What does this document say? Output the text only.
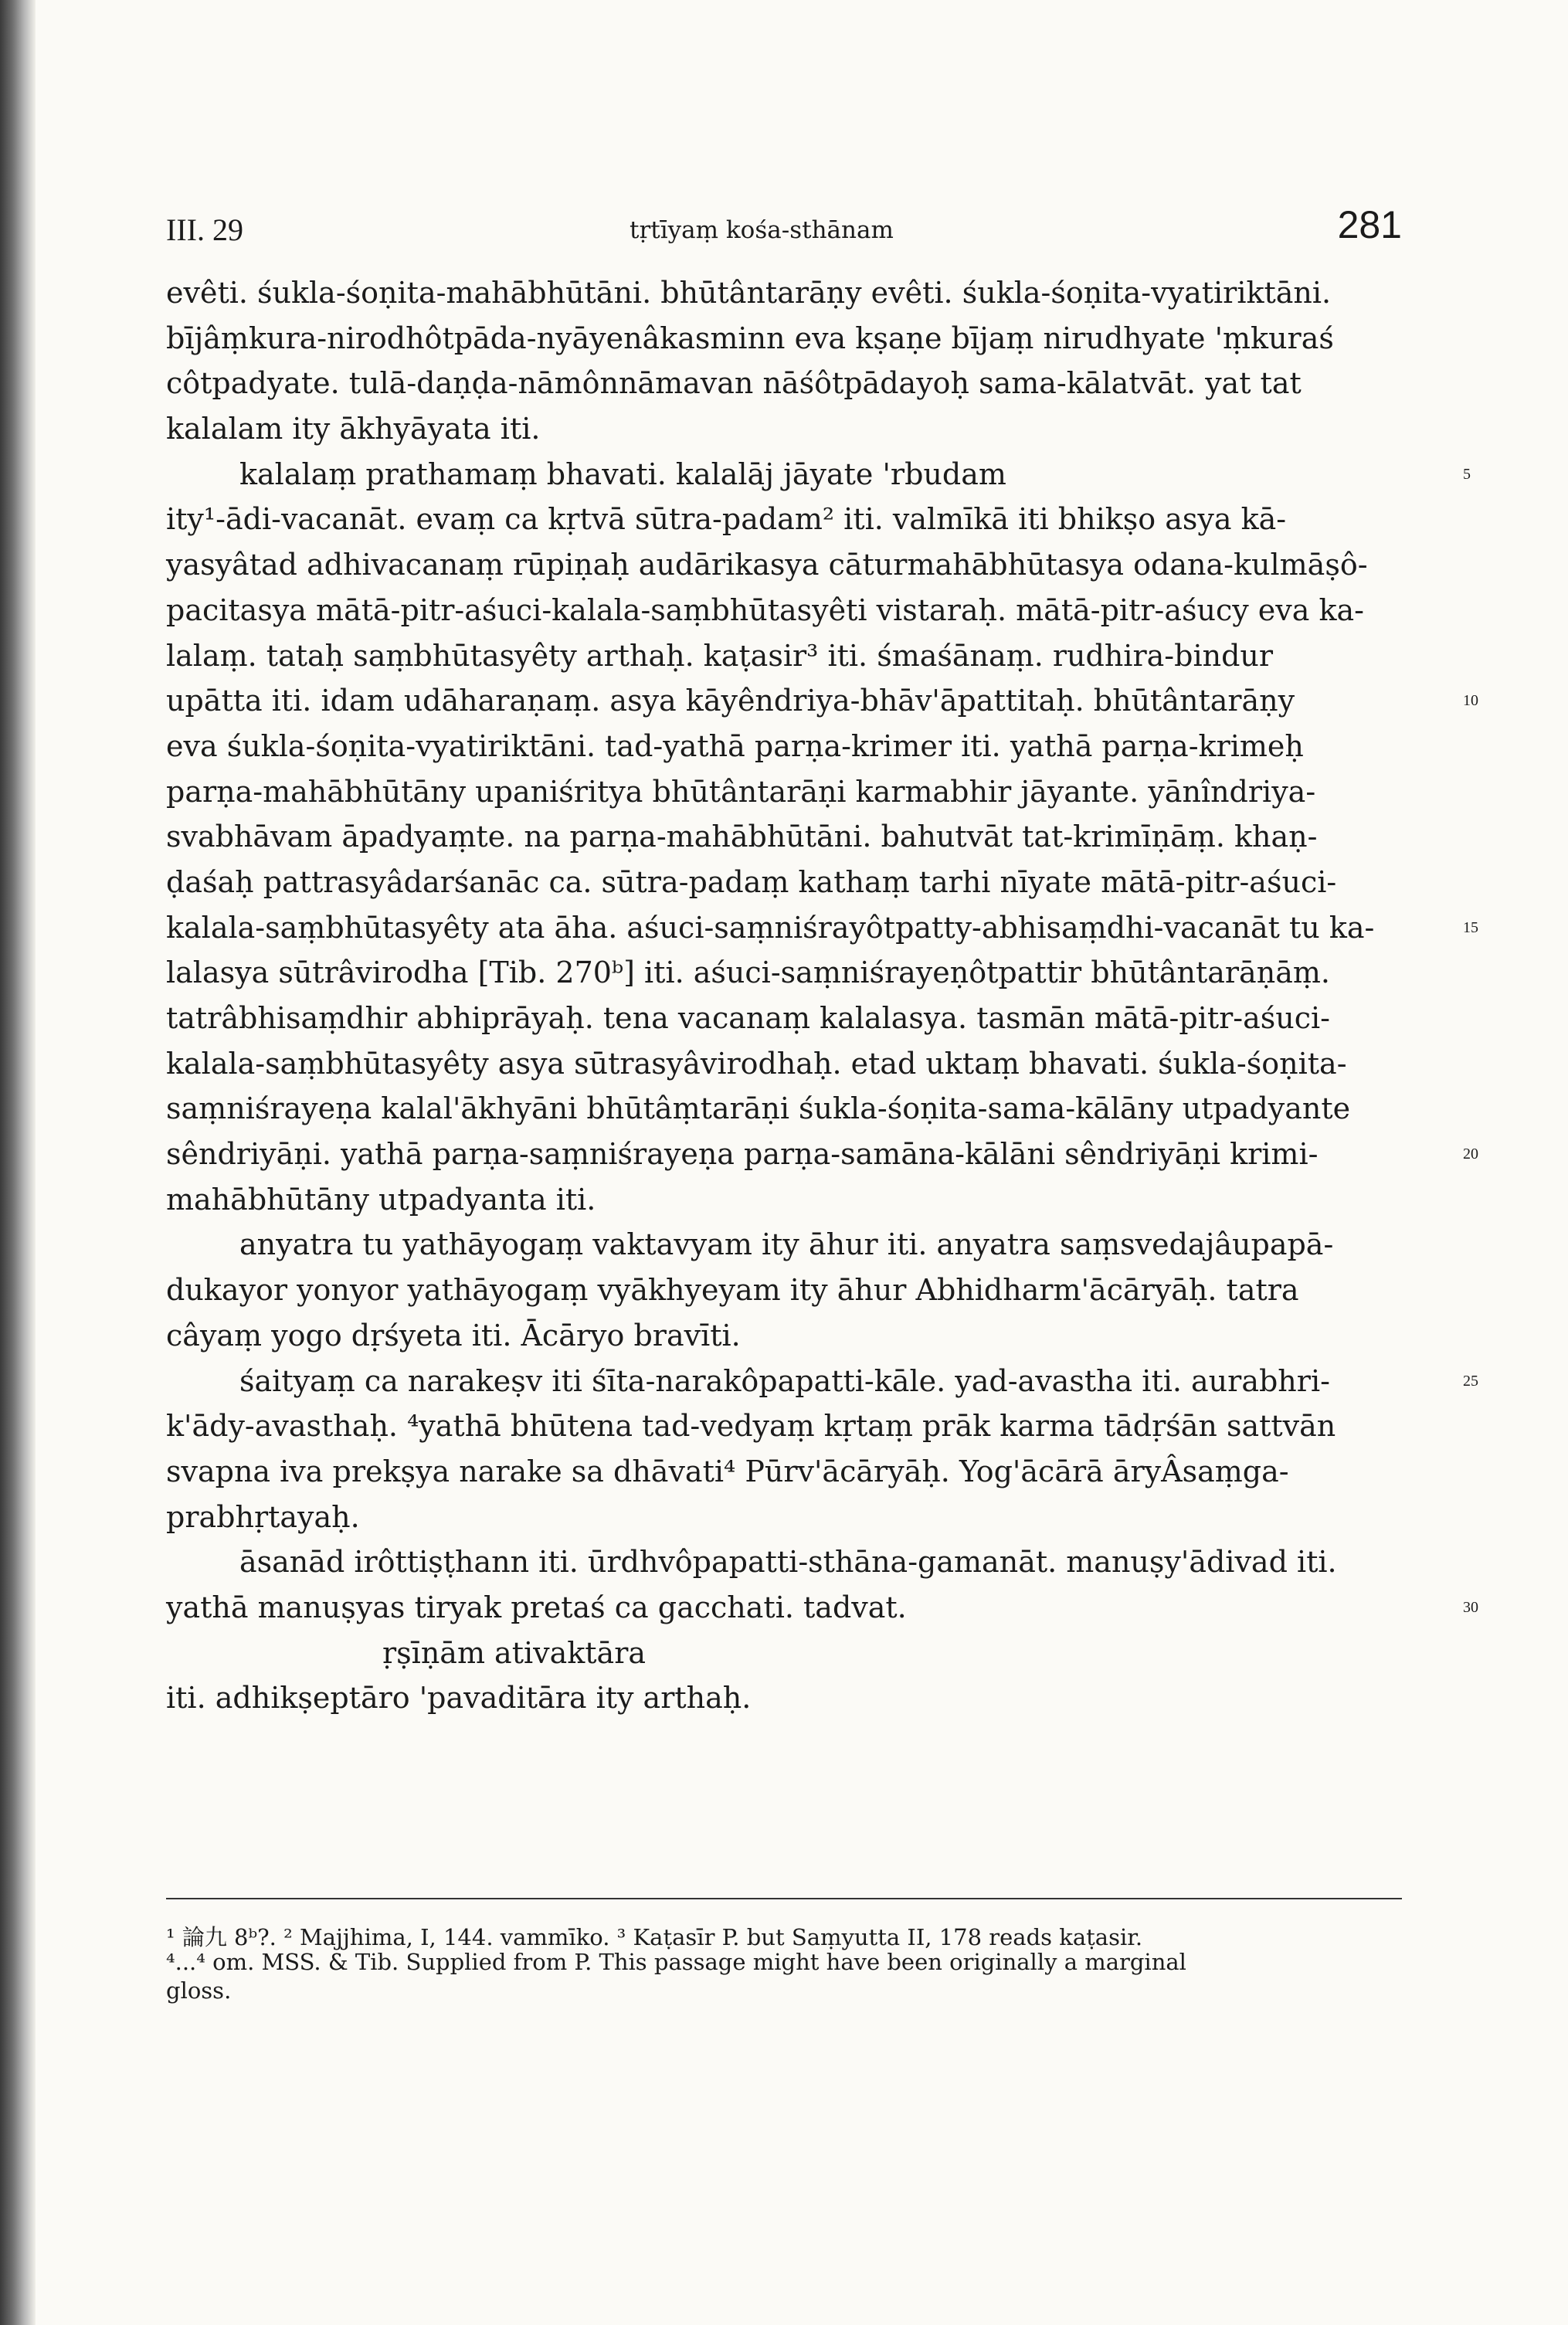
III. 29	tṛtīyaṃ kośa-sthānam	281
evêti. śukla-śoṇita-mahābhūtāni. bhūtântarāṇy evêti. śukla-śoṇita-vyatiriktāni.
bījâṃkura-nirodhôtpāda-nyāyenâkasminn eva kṣaṇe bījaṃ nirudhyate 'ṃkuraś
côtpadyate. tulā-daṇḍa-nāmônnāmavan nāśôtpādayoḥ sama-kālatvāt. yat tat
kalalam ity ākhyāyata iti.
kalalaṃ prathamaṃ bhavati. kalalāj jāyate 'rbudam	5
ity¹-ādi-vacanāt. evaṃ ca kṛtvā sūtra-padam² iti. valmīkā iti bhikṣo asya kā-
yasyâtad adhivacanaṃ rūpiṇaḥ audārikasya cāturmahābhūtasya odana-kulmāṣô-
pacitasya mātā-pitr-aśuci-kalala-saṃbhūtasyêti vistaraḥ. mātā-pitr-aśucy eva ka-
lalaṃ. tataḥ saṃbhūtasyêty arthaḥ. kaṭasir³ iti. śmaśānaṃ. rudhira-bindur
upātta iti. idam udāharaṇaṃ. asya kāyêndriya-bhāv'āpattitaḥ. bhūtântarāṇy	10
eva śukla-śoṇita-vyatiriktāni. tad-yathā parṇa-krimer iti. yathā parṇa-krimeḥ
parṇa-mahābhūtāny upaniśritya bhūtântarāṇi karmabhir jāyante. yānîndriya-
svabhāvam āpadyaṃte. na parṇa-mahābhūtāni. bahutvāt tat-krimīṇāṃ. khaṇ-
ḍaśaḥ pattrasyâdarśanāc ca. sūtra-padaṃ kathaṃ tarhi nīyate mātā-pitr-aśuci-
kalala-saṃbhūtasyêty ata āha. aśuci-saṃniśrayôtpatty-abhisaṃdhi-vacanāt tu ka-	15
lalasya sūtrâvirodha [Tib. 270ᵇ] iti. aśuci-saṃniśrayeṇôtpattir bhūtântarāṇāṃ.
tatrâbhisaṃdhir abhiprāyaḥ. tena vacanaṃ kalalasya. tasmān mātā-pitr-aśuci-
kalala-saṃbhūtasyêty asya sūtrasyâvirodhaḥ. etad uktaṃ bhavati. śukla-śoṇita-
saṃniśrayeṇa kalal'ākhyāni bhūtâṃtarāṇi śukla-śoṇita-sama-kālāny utpadyante
sêndriyāṇi. yathā parṇa-saṃniśrayeṇa parṇa-samāna-kālāni sêndriyāṇi krimi-	20
mahābhūtāny utpadyanta iti.
anyatra tu yathāyogaṃ vaktavyam ity āhur iti. anyatra saṃsvedajâupapā-
dukayor yonyor yathāyogaṃ vyākhyeyam ity āhur Abhidharm'ācāryāḥ. tatra
câyaṃ yogo dṛśyeta iti. Ācāryo bravīti.
śaityaṃ ca narakeṣv iti śīta-narakôpapatti-kāle. yad-avastha iti. aurabhri-	25
k'ādy-avasthaḥ. ⁴yathā bhūtena tad-vedyaṃ kṛtaṃ prāk karma tādṛśān sattvān
svapna iva prekṣya narake sa dhāvati⁴ Pūrv'ācāryāḥ. Yog'ācārā āryÂsaṃga-
prabhṛtayaḥ.
āsanād irôttiṣṭhann iti. ūrdhvôpapatti-sthāna-gamanāt. manuṣy'ādivad iti.
yathā manuṣyas tiryak pretaś ca gacchati. tadvat.	30
ṛṣīṇām ativaktāra
iti. adhikṣeptāro 'pavaditāra ity arthaḥ.
¹ 論九 8ᵇ?. ² Majjhima, I, 144. vammīko. ³ Kaṭasīr P. but Saṃyutta II, 178 reads kaṭasir.
⁴...⁴ om. MSS. & Tib. Supplied from P. This passage might have been originally a marginal
gloss.
